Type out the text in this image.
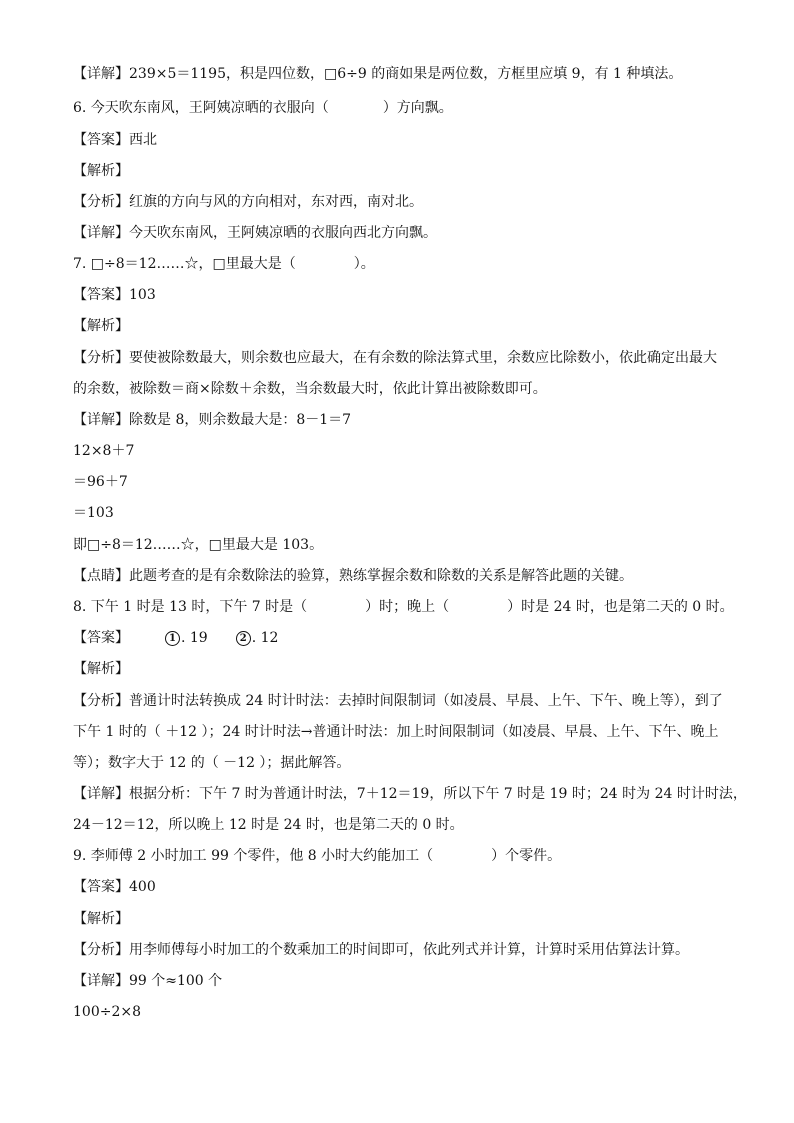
【详解】239×5＝1195，积是四位数，□6÷9 的商如果是两位数，方框里应填 9，有 1 种填法。
6. 今天吹东南风，王阿姨凉晒的衣服向（	）方向飘。
【答案】西北
【解析】
【分析】红旗的方向与风的方向相对，东对西，南对北。
【详解】今天吹东南风，王阿姨凉晒的衣服向西北方向飘。
7. □÷8＝12……☆，□里最大是（	）。
【答案】103
【解析】
【分析】要使被除数最大，则余数也应最大，在有余数的除法算式里，余数应比除数小，依此确定出最大
的余数，被除数＝商×除数＋余数，当余数最大时，依此计算出被除数即可。
【详解】除数是 8，则余数最大是：8－1＝7
12×8＋7
＝96＋7
＝103
即□÷8＝12……☆，□里最大是 103。
【点睛】此题考查的是有余数除法的验算，熟练掌握余数和除数的关系是解答此题的关键。
8. 下午 1 时是 13 时，下午 7 时是（	）时；晚上（	）时是 24 时，也是第二天的 0 时。
【答案】	1 . 19	2 . 12
【解析】
【分析】普通计时法转换成 24 时计时法：去掉时间限制词（如凌晨、早晨、上午、下午、晚上等），到了
下午 1 时的（ ＋12 ）；24 时计时法→普通计时法：加上时间限制词（如凌晨、早晨、上午、下午、晚上
等）；数字大于 12 的（ －12 ）；据此解答。
【详解】根据分析：下午 7 时为普通计时法，7＋12＝19，所以下午 7 时是 19 时；24 时为 24 时计时法，
24－12＝12，所以晚上 12 时是 24 时，也是第二天的 0 时。
9. 李师傅 2 小时加工 99 个零件，他 8 小时大约能加工（	）个零件。
【答案】400
【解析】
【分析】用李师傅每小时加工的个数乘加工的时间即可，依此列式并计算，计算时采用估算法计算。
【详解】99 个≈100 个
100÷2×8
